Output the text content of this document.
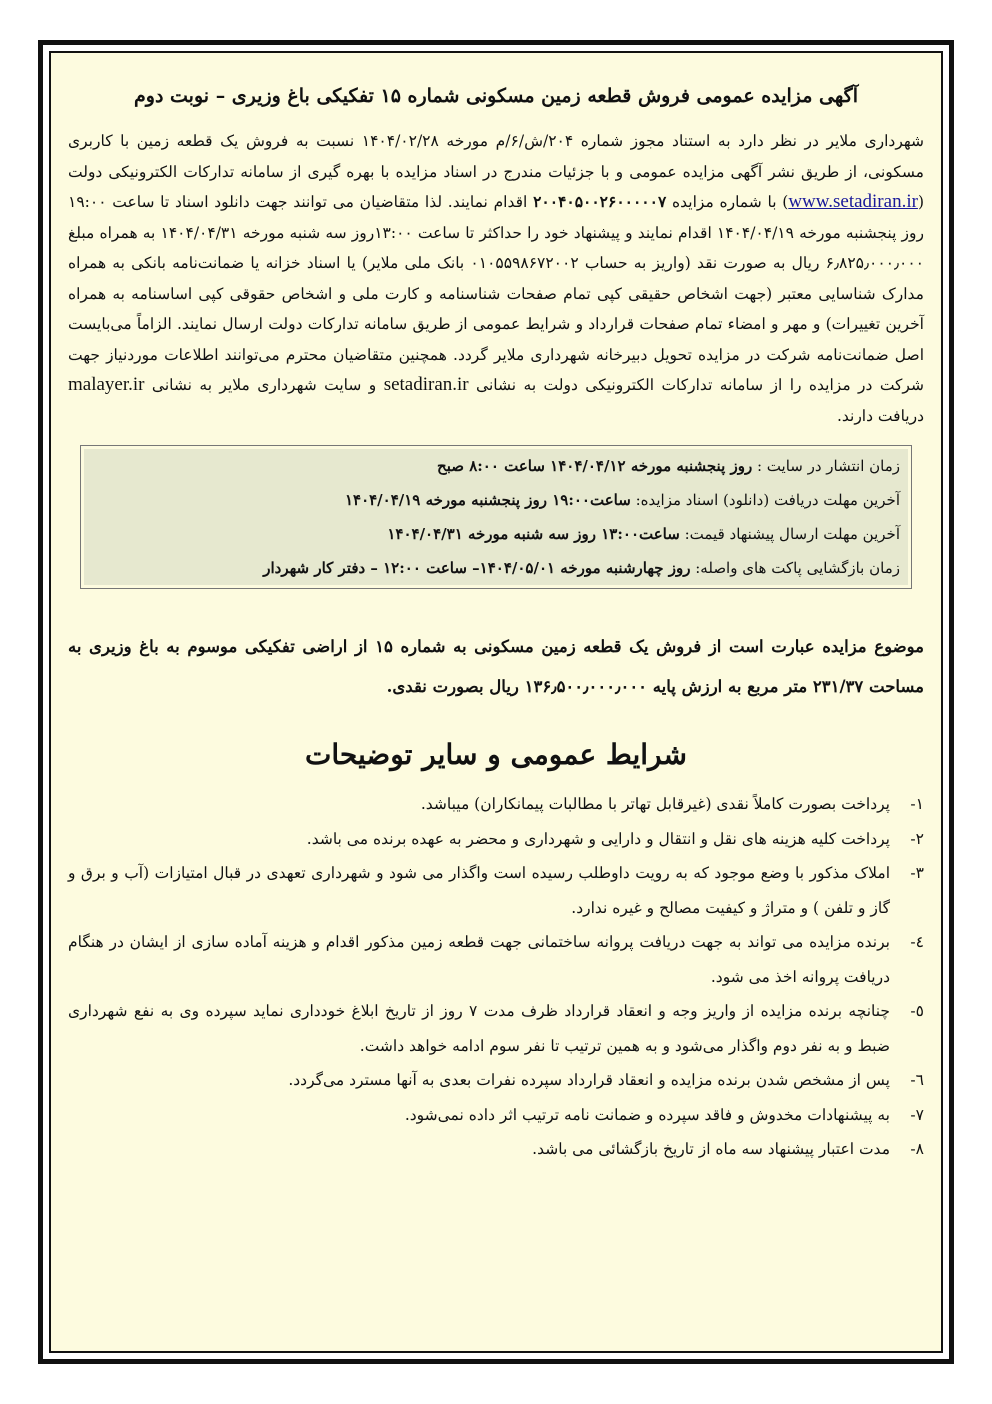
آگهی مزایده عمومی فروش قطعه زمین مسکونی شماره ۱۵ تفکیکی باغ وزیری – نوبت دوم

شهرداری ملایر در نظر دارد به استناد مجوز شماره ۲۰۴/ش/۶/م مورخه ۱۴۰۴/۰۲/۲۸ نسبت به فروش یک قطعه زمین با کاربری مسکونی، از طریق نشر آگهی مزایده عمومی و با جزئیات مندرج در اسناد مزایده با بهره گیری از سامانه تدارکات الکترونیکی دولت (www.setadiran.ir) با شماره مزایده ۲۰۰۴۰۵۰۰۲۶۰۰۰۰۰۷ اقدام نمایند. لذا متقاضیان می توانند جهت دانلود اسناد تا ساعت ۱۹:۰۰ روز پنجشنبه مورخه ۱۴۰۴/۰۴/۱۹ اقدام نمایند و پیشنهاد خود را حداکثر تا ساعت ۱۳:۰۰روز سه شنبه مورخه ۱۴۰۴/۰۴/۳۱ به همراه مبلغ ۶٫۸۲۵٫۰۰۰٫۰۰۰ ریال به صورت نقد (واریز به حساب ۰۱۰۵۵۹۸۶۷۲۰۰۲ بانک ملی ملایر) یا اسناد خزانه یا ضمانت‌نامه بانکی به همراه مدارک شناسایی معتبر (جهت اشخاص حقیقی کپی تمام صفحات شناسنامه و کارت ملی و اشخاص حقوقی کپی اساسنامه به همراه آخرین تغییرات) و مهر و امضاء تمام صفحات قرارداد و شرایط عمومی از طریق سامانه تدارکات دولت ارسال نمایند. الزاماً می‌بایست اصل ضمانت‌نامه شرکت در مزایده تحویل دبیرخانه شهرداری ملایر گردد. همچنین متقاضیان محترم می‌توانند اطلاعات موردنیاز جهت شرکت در مزایده را از سامانه تدارکات الکترونیکی دولت به نشانی setadiran.ir و سایت شهرداری ملایر به نشانی malayer.ir دریافت دارند.

زمان انتشار در سایت : روز پنجشنبه مورخه ۱۴۰۴/۰۴/۱۲ ساعت ۸:۰۰ صبح

آخرین مهلت دریافت (دانلود) اسناد مزایده: ساعت۱۹:۰۰ روز پنجشنبه مورخه ۱۴۰۴/۰۴/۱۹

آخرین مهلت ارسال پیشنهاد قیمت: ساعت۱۳:۰۰ روز سه شنبه مورخه ۱۴۰۴/۰۴/۳۱

زمان بازگشایی پاکت های واصله: روز چهارشنبه مورخه ۱۴۰۴/۰۵/۰۱– ساعت ۱۲:۰۰ – دفتر کار شهردار

موضوع مزایده عبارت است از فروش یک قطعه زمین مسکونی به شماره ۱۵ از اراضی تفکیکی موسوم به باغ وزیری به مساحت ۲۳۱/۳۷ متر مربع به ارزش پایه ۱۳۶٫۵۰۰٫۰۰۰٫۰۰۰ ریال بصورت نقدی.

شرایط عمومی و سایر توضیحات
۱-
پرداخت بصورت کاملاً نقدی (غیرقابل تهاتر با مطالبات پیمانکاران) میباشد.
۲-
پرداخت کلیه هزینه های نقل و انتقال و دارایی و شهرداری و محضر به عهده برنده می باشد.
۳-
املاک مذکور با وضع موجود که به رویت داوطلب رسیده است واگذار می شود و شهرداری تعهدی در قبال امتیازات (آب و برق و گاز و تلفن ) و متراژ و کیفیت مصالح و غیره ندارد.
٤-
برنده مزایده می تواند به جهت دریافت پروانه ساختمانی جهت قطعه زمین مذکور اقدام و هزینه آماده سازی از ایشان در هنگام دریافت پروانه اخذ می شود.
٥-
چنانچه برنده مزایده از واریز وجه و انعقاد قرارداد ظرف مدت ۷ روز از تاریخ ابلاغ خودداری نماید سپرده وی به نفع شهرداری ضبط و به نفر دوم واگذار می‌شود و به همین ترتیب تا نفر سوم ادامه خواهد داشت.
٦-
پس از مشخص شدن برنده مزایده و انعقاد قرارداد سپرده نفرات بعدی به آنها مسترد می‌گردد.
۷-
به پیشنهادات مخدوش و فاقد سپرده و ضمانت نامه ترتیب اثر داده نمی‌شود.
۸-
مدت اعتبار پیشنهاد سه ماه از تاریخ بازگشائی می باشد.
